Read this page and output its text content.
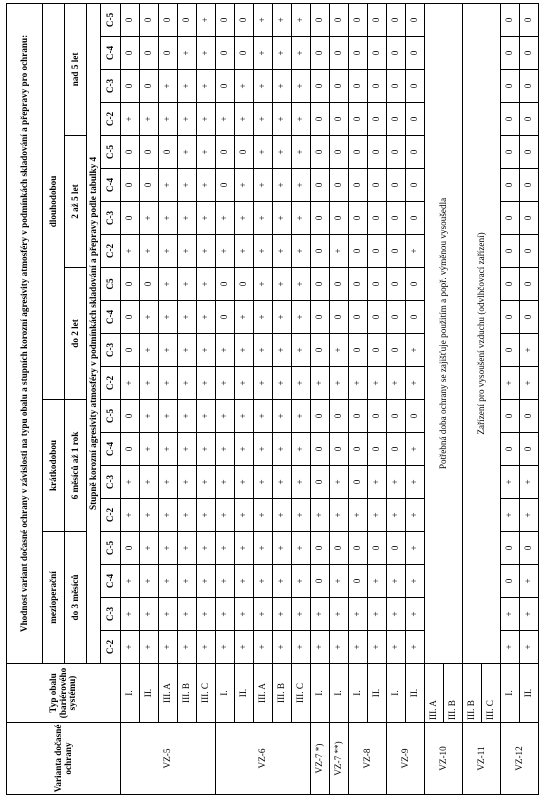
Varianta dočasné ochrany	Typ obalu (bariérového systému)	Vhodnost variant dočasné ochrany v závislosti na typu obalu a stupních korozní agresivity atmosféry v podmínkách skladování a přepravy pro ochranu:																			
		mezioperační				krátkodobou				dlouhodobou											
		do 3 měsíců				6 měsíců až 1 rok				do 2 let				2 až 5 let				nad 5 let			
		Stupně korozní agresivity atmosféry v podmínkách skladování a přepravy podle tabulky 4																			
		C-2	C-3	C-4	C-5	C-2	C-3	C-4	C-5	C-2	C-3	C-4	C5	C-2	C-3	C-4	C-5	C-2	C-3	C-4	C-5
VZ-5	I.	+	+	+	0	+	+	0	0	+	0	0	0	+	0	0	0	+	0	0	0
	II.	+	+	+	+	+	+	+	+	+	+	+	0	+	+	0	0	+	0	0	0
	III. A	+	+	+	+	+	+	+	+	+	+	+	+	+	+	+	0	+	+	0	0
	III. B	+	+	+	+	+	+	+	+	+	+	+	+	+	+	+	+	+	+	+	0
	III. C	+	+	+	+	+	+	+	+	+	+	+	+	+	+	+	+	+	+	+	+
VZ-6	I.	+	+	+	+	+	+	+	+	+	+	0	0	+	+	0	0	+	0	0	0
	II.	+	+	+	+	+	+	+	+	+	+	+	0	+	+	+	0	+	+	0	0
	III. A	+	+	+	+	+	+	+	+	+	+	+	+	+	+	+	+	+	+	+	+
	III. B	+	+	+	+	+	+	+	+	+	+	+	+	+	+	+	+	+	+	+	+
	III. C	+	+	+	+	+	+	+	+	+	+	+	+	+	+	+	+	+	+	+	+
VZ-7 *)	I.	+	+	0	0	+	0	0	0	+	0	0	0	0	0	0	0	0	0	0	0
VZ-7 **)	I.	+	+	+	0	+	+	0	0	+	+	0	0	+	0	0	0	0	0	0	0
VZ-8	I.	+	+	0	0	+	0	0	0	+	0	0	0	0	0	0	0	0	0	0	0
	II.	+	+	+	0	+	+	0	0	+	0	0	0	0	0	0	0	0	0	0	0
VZ-9	I.	+	+	+	0	+	+	0	0	+	0	0	0	0	0	0	0	0	0	0	0
	II.	+	+	+	+	+	+	+	0	+	+	0	0	+	0	0	0	0	0	0	0
VZ-10	III. A	Potřebná doba ochrany se zajišťuje použitím a popř. výměnou vysoušedla																			
	III. B																				
VZ-11	III. B	Zařízení pro vysoušení vzduchu (odvlhčovací zařízení)																			
	III. C																				
VZ-12	I.	+	+	0	0	+	+	0	0	+	0	0	0	0	0	0	0	0	0	0	0
	II.	+	+	+	0	+	+	0	0	+	+	0	0	0	0	0	0	0	0	0	0
